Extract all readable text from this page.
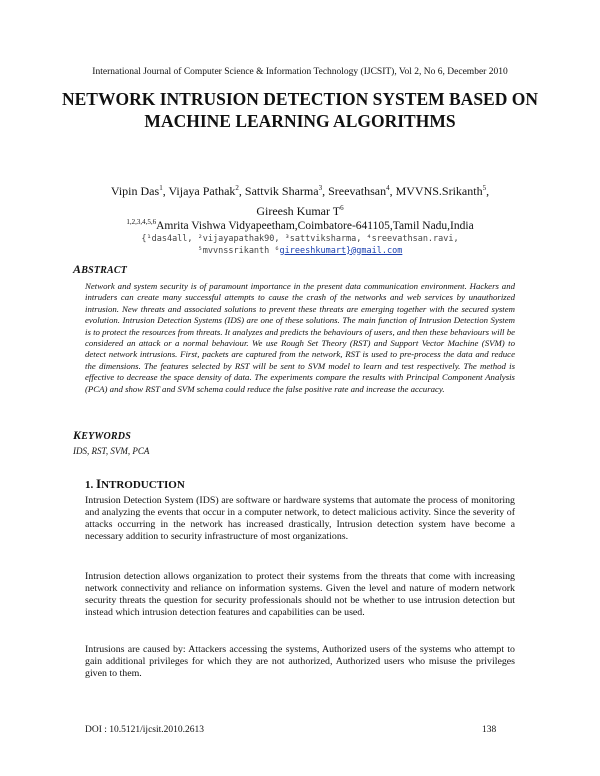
International Journal of Computer Science & Information Technology (IJCSIT), Vol 2, No 6, December 2010
NETWORK INTRUSION DETECTION SYSTEM BASED ON MACHINE LEARNING ALGORITHMS
Vipin Das$^1$, Vijaya Pathak$^2$, Sattvik Sharma$^3$, Sreevathsan$^4$, MVVNS.Srikanth$^5$,
Gireesh Kumar $T^6$
$^{1,2,3,4,5,6}$Amrita Vishwa Vidyapeetham,Coimbatore-641105,Tamil Nadu,India
{¹das4all, ²vijayapathak90, ³sattviksharma, ⁴sreevathsan.ravi,
⁵mvvnssrikanth ⁶gireeshkumart}@gmail.com
ABSTRACT

Network and system security is of paramount importance in the present data communication environment. Hackers and intruders can create many successful attempts to cause the crash of the networks and web services by unauthorized intrusion. New threats and associated solutions to prevent these threats are emerging together with the secured system evolution. Intrusion Detection Systems (IDS) are one of these solutions. The main function of Intrusion Detection System is to protect the resources from threats. It analyzes and predicts the behaviours of users, and then these behaviours will be considered an attack or a normal behaviour. We use Rough Set Theory (RST) and Support Vector Machine (SVM) to detect network intrusions. First, packets are captured from the network, RST is used to pre-process the data and reduce the dimensions. The features selected by RST will be sent to SVM model to learn and test respectively. The method is effective to decrease the space density of data. The experiments compare the results with Principal Component Analysis (PCA) and show RST and SVM schema could reduce the false positive rate and increase the accuracy.

KEYWORDS
IDS, RST, SVM, PCA
1. INTRODUCTION

Intrusion Detection System (IDS) are software or hardware systems that automate the process of monitoring and analyzing the events that occur in a computer network, to detect malicious activity. Since the severity of attacks occurring in the network has increased drastically, Intrusion detection system have become a necessary addition to security infrastructure of most organizations.

Intrusion detection allows organization to protect their systems from the threats that come with increasing network connectivity and reliance on information systems. Given the level and nature of modern network security threats the question for security professionals should not be whether to use intrusion detection but instead which intrusion detection features and capabilities can be used.

Intrusions are caused by: Attackers accessing the systems, Authorized users of the systems who attempt to gain additional privileges for which they are not authorized, Authorized users who misuse the privileges given to them.

DOI : 10.5121/ijcsit.2010.2613	138
